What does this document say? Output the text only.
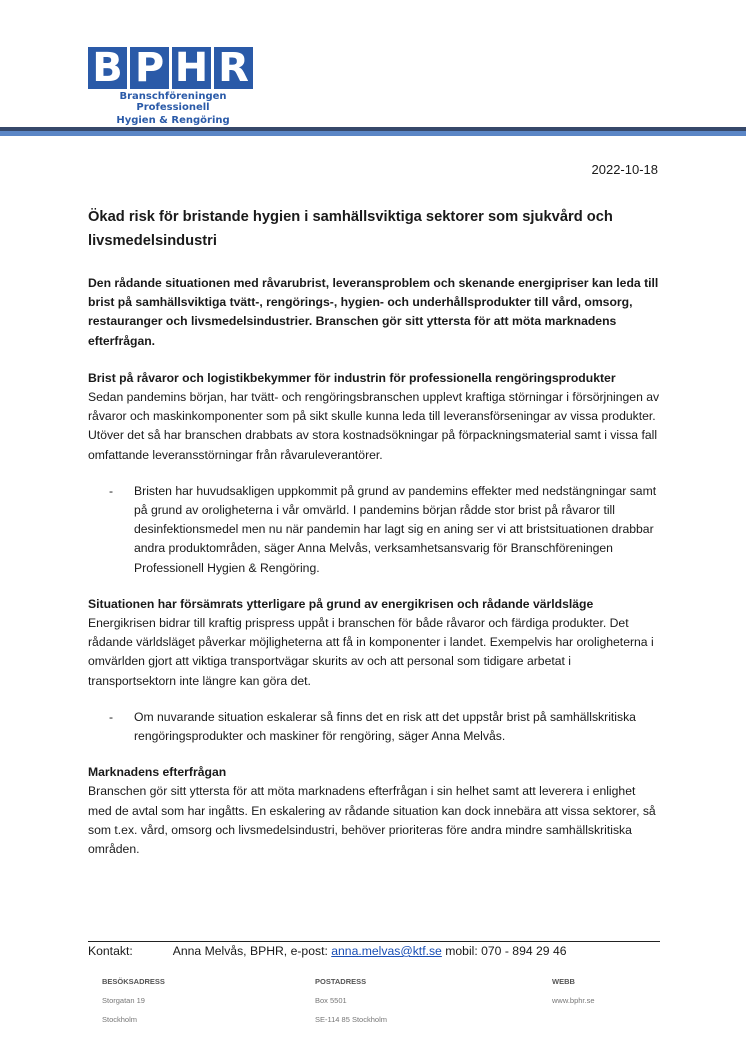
B P H R
Branschföreningen Professionell
Hygien & Rengöring
2022-10-18
Ökad risk för bristande hygien i samhällsviktiga sektorer som sjukvård och livsmedelsindustri

Den rådande situationen med råvarubrist, leveransproblem och skenande energipriser kan leda till brist på samhällsviktiga tvätt-, rengörings-, hygien- och underhållsprodukter till vård, omsorg, restauranger och livsmedelsindustrier. Branschen gör sitt yttersta för att möta marknadens efterfrågan.

Brist på råvaror och logistikbekymmer för industrin för professionella rengöringsprodukter

Sedan pandemins början, har tvätt- och rengöringsbranschen upplevt kraftiga störningar i försörjningen av råvaror och maskinkomponenter som på sikt skulle kunna leda till leveransförseningar av vissa produkter. Utöver det så har branschen drabbats av stora kostnadsökningar på förpackningsmaterial samt i vissa fall omfattande leveransstörningar från råvaruleverantörer.

-	Bristen har huvudsakligen uppkommit på grund av pandemins effekter med nedstängningar samt på grund av oroligheterna i vår omvärld. I pandemins början rådde stor brist på råvaror till desinfektionsmedel men nu när pandemin har lagt sig en aning ser vi att bristsituationen drabbar andra produktområden, säger Anna Melvås, verksamhetsansvarig för Branschföreningen Professionell Hygien & Rengöring.

Situationen har försämrats ytterligare på grund av energikrisen och rådande världsläge

Energikrisen bidrar till kraftig prispress uppåt i branschen för både råvaror och färdiga produkter. Det rådande världsläget påverkar möjligheterna att få in komponenter i landet. Exempelvis har oroligheterna i omvärlden gjort att viktiga transportvägar skurits av och att personal som tidigare arbetat i transportsektorn inte längre kan göra det.

-	Om nuvarande situation eskalerar så finns det en risk att det uppstår brist på samhällskritiska rengöringsprodukter och maskiner för rengöring, säger Anna Melvås.

Marknadens efterfrågan

Branschen gör sitt yttersta för att möta marknadens efterfrågan i sin helhet samt att leverera i enlighet med de avtal som har ingåtts. En eskalering av rådande situation kan dock innebära att vissa sektorer, så som t.ex. vård, omsorg och livsmedelsindustri, behöver prioriteras före andra mindre samhällskritiska områden.

Kontakt:	Anna Melvås, BPHR, e-post: anna.melvas@ktf.se mobil: 070 - 894 29 46
BESÖKSADRESS
Storgatan 19
Stockholm
POSTADRESS
Box 5501
SE-114 85 Stockholm
WEBB
www.bphr.se
